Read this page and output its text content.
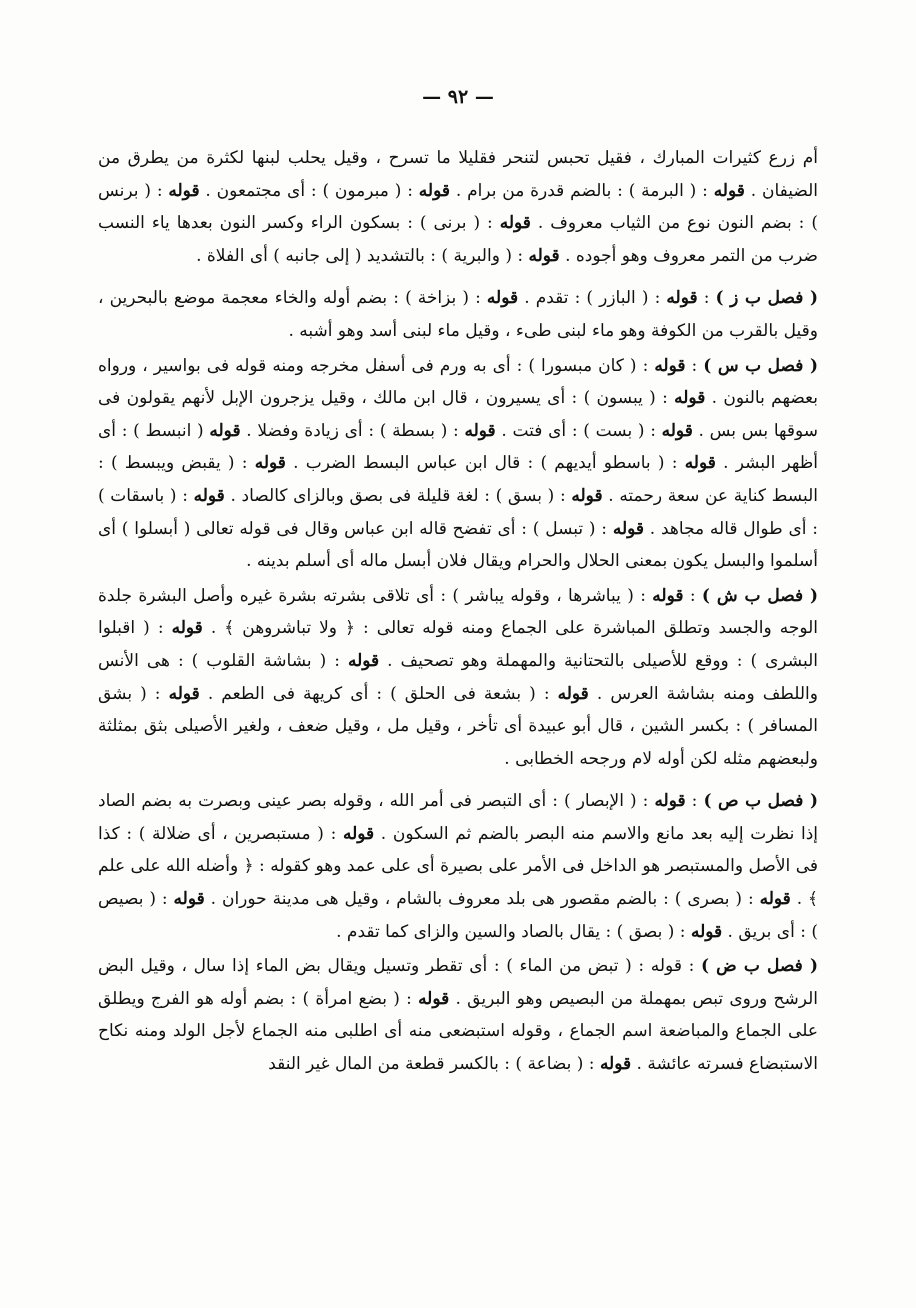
— ٩٢ —

أم زرع كثيرات المبارك ، فقيل تحبس لتنحر فقليلا ما تسرح ، وقيل يحلب لبنها لكثرة من يطرق من الضيفان . قوله : ( البرمة ) : بالضم قدرة من برام . قوله : ( مبرمون ) : أى مجتمعون . قوله : ( برنس ) : بضم النون نوع من الثياب معروف . قوله : ( برنى ) : بسكون الراء وكسر النون بعدها ياء النسب ضرب من التمر معروف وهو أجوده . قوله : ( والبرية ) : بالتشديد ( إلى جانبه ) أى الفلاة .

( فصل ب ز ) : قوله : ( البازر ) : تقدم . قوله : ( بزاخة ) : بضم أوله والخاء معجمة موضع بالبحرين ، وقيل بالقرب من الكوفة وهو ماء لبنى طىء ، وقيل ماء لبنى أسد وهو أشبه .

( فصل ب س ) : قوله : ( كان مبسورا ) : أى به ورم فى أسفل مخرجه ومنه قوله فى بواسير ، ورواه بعضهم بالنون . قوله : ( يبسون ) : أى يسيرون ، قال ابن مالك ، وقيل يزجرون الإبل لأنهم يقولون فى سوقها بس بس . قوله : ( بست ) : أى فتت . قوله : ( بسطة ) : أى زيادة وفضلا . قوله ( انبسط ) : أى أظهر البشر . قوله : ( باسطو أيديهم ) : قال ابن عباس البسط الضرب . قوله : ( يقبض ويبسط ) : البسط كناية عن سعة رحمته . قوله : ( بسق ) : لغة قليلة فى بصق وبالزاى كالصاد . قوله : ( باسقات ) : أى طوال قاله مجاهد . قوله : ( تبسل ) : أى تفضح قاله ابن عباس وقال فى قوله تعالى ( أبسلوا ) أى أسلموا والبسل يكون بمعنى الحلال والحرام ويقال فلان أبسل ماله أى أسلم بدينه .

( فصل ب ش ) : قوله : ( يباشرها ، وقوله يباشر ) : أى تلاقى بشرته بشرة غيره وأصل البشرة جلدة الوجه والجسد وتطلق المباشرة على الجماع ومنه قوله تعالى : ﴿ ولا تباشروهن ﴾ . قوله : ( اقبلوا البشرى ) : ووقع للأصيلى بالتحتانية والمهملة وهو تصحيف . قوله : ( بشاشة القلوب ) : هى الأنس واللطف ومنه بشاشة العرس . قوله : ( بشعة فى الحلق ) : أى كريهة فى الطعم . قوله : ( بشق المسافر ) : بكسر الشين ، قال أبو عبيدة أى تأخر ، وقيل مل ، وقيل ضعف ، ولغير الأصيلى بثق بمثلثة ولبعضهم مثله لكن أوله لام ورجحه الخطابى .

( فصل ب ص ) : قوله : ( الإبصار ) : أى التبصر فى أمر الله ، وقوله بصر عينى وبصرت به بضم الصاد إذا نظرت إليه بعد مانع والاسم منه البصر بالضم ثم السكون . قوله : ( مستبصرين ، أى ضلالة ) : كذا فى الأصل والمستبصر هو الداخل فى الأمر على بصيرة أى على عمد وهو كقوله : ﴿ وأضله الله على علم ﴾ . قوله : ( بصرى ) : بالضم مقصور هى بلد معروف بالشام ، وقيل هى مدينة حوران . قوله : ( بصيص ) : أى بريق . قوله : ( بصق ) : يقال بالصاد والسين والزاى كما تقدم .

( فصل ب ض ) : قوله : ( تبض من الماء ) : أى تقطر وتسيل ويقال بض الماء إذا سال ، وقيل البض الرشح وروى تبص بمهملة من البصيص وهو البريق . قوله : ( بضع امرأة ) : بضم أوله هو الفرج ويطلق على الجماع والمباضعة اسم الجماع ، وقوله استبضعى منه أى اطلبى منه الجماع لأجل الولد ومنه نكاح الاستبضاع فسرته عائشة . قوله : ( بضاعة ) : بالكسر قطعة من المال غير النقد
